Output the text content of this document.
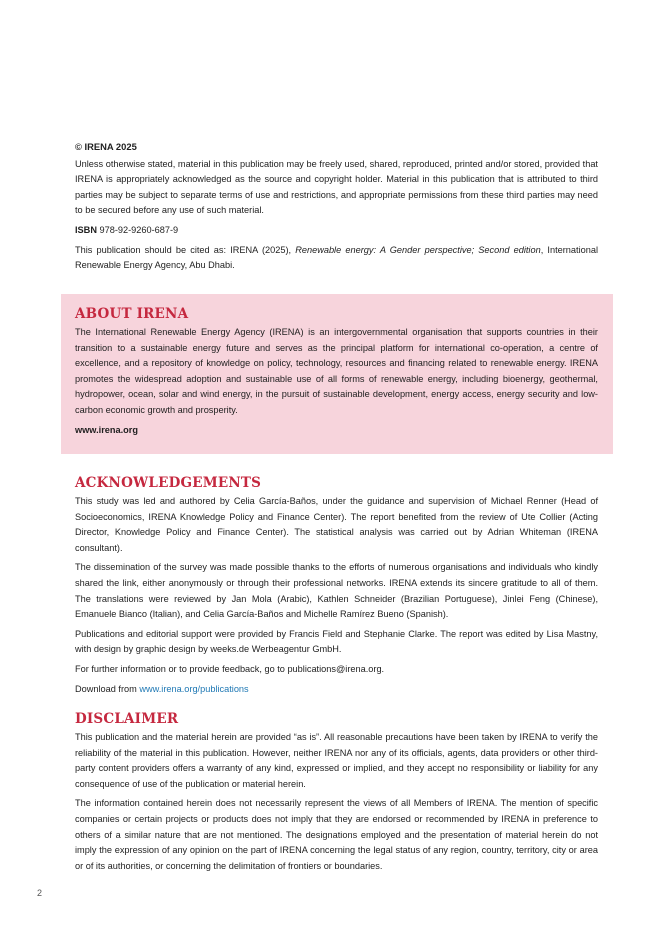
© IRENA 2025

Unless otherwise stated, material in this publication may be freely used, shared, reproduced, printed and/or stored, provided that IRENA is appropriately acknowledged as the source and copyright holder. Material in this publication that is attributed to third parties may be subject to separate terms of use and restrictions, and appropriate permissions from these third parties may need to be secured before any use of such material.

ISBN 978-92-9260-687-9

This publication should be cited as: IRENA (2025), Renewable energy: A Gender perspective; Second edition, International Renewable Energy Agency, Abu Dhabi.

ABOUT IRENA

The International Renewable Energy Agency (IRENA) is an intergovernmental organisation that supports countries in their transition to a sustainable energy future and serves as the principal platform for international co-operation, a centre of excellence, and a repository of knowledge on policy, technology, resources and financing related to renewable energy. IRENA promotes the widespread adoption and sustainable use of all forms of renewable energy, including bioenergy, geothermal, hydropower, ocean, solar and wind energy, in the pursuit of sustainable development, energy access, energy security and low-carbon economic growth and prosperity.

www.irena.org

ACKNOWLEDGEMENTS

This study was led and authored by Celia García-Baños, under the guidance and supervision of Michael Renner (Head of Socioeconomics, IRENA Knowledge Policy and Finance Center). The report benefited from the review of Ute Collier (Acting Director, Knowledge Policy and Finance Center). The statistical analysis was carried out by Adrian Whiteman (IRENA consultant).

The dissemination of the survey was made possible thanks to the efforts of numerous organisations and individuals who kindly shared the link, either anonymously or through their professional networks. IRENA extends its sincere gratitude to all of them. The translations were reviewed by Jan Mola (Arabic), Kathlen Schneider (Brazilian Portuguese), Jinlei Feng (Chinese), Emanuele Bianco (Italian), and Celia García-Baños and Michelle Ramírez Bueno (Spanish).

Publications and editorial support were provided by Francis Field and Stephanie Clarke. The report was edited by Lisa Mastny, with design by graphic design by weeks.de Werbeagentur GmbH.

For further information or to provide feedback, go to publications@irena.org.

Download from www.irena.org/publications

DISCLAIMER

This publication and the material herein are provided “as is”. All reasonable precautions have been taken by IRENA to verify the reliability of the material in this publication. However, neither IRENA nor any of its officials, agents, data providers or other third-party content providers offers a warranty of any kind, expressed or implied, and they accept no responsibility or liability for any consequence of use of the publication or material herein.

The information contained herein does not necessarily represent the views of all Members of IRENA. The mention of specific companies or certain projects or products does not imply that they are endorsed or recommended by IRENA in preference to others of a similar nature that are not mentioned. The designations employed and the presentation of material herein do not imply the expression of any opinion on the part of IRENA concerning the legal status of any region, country, territory, city or area or of its authorities, or concerning the delimitation of frontiers or boundaries.

2
